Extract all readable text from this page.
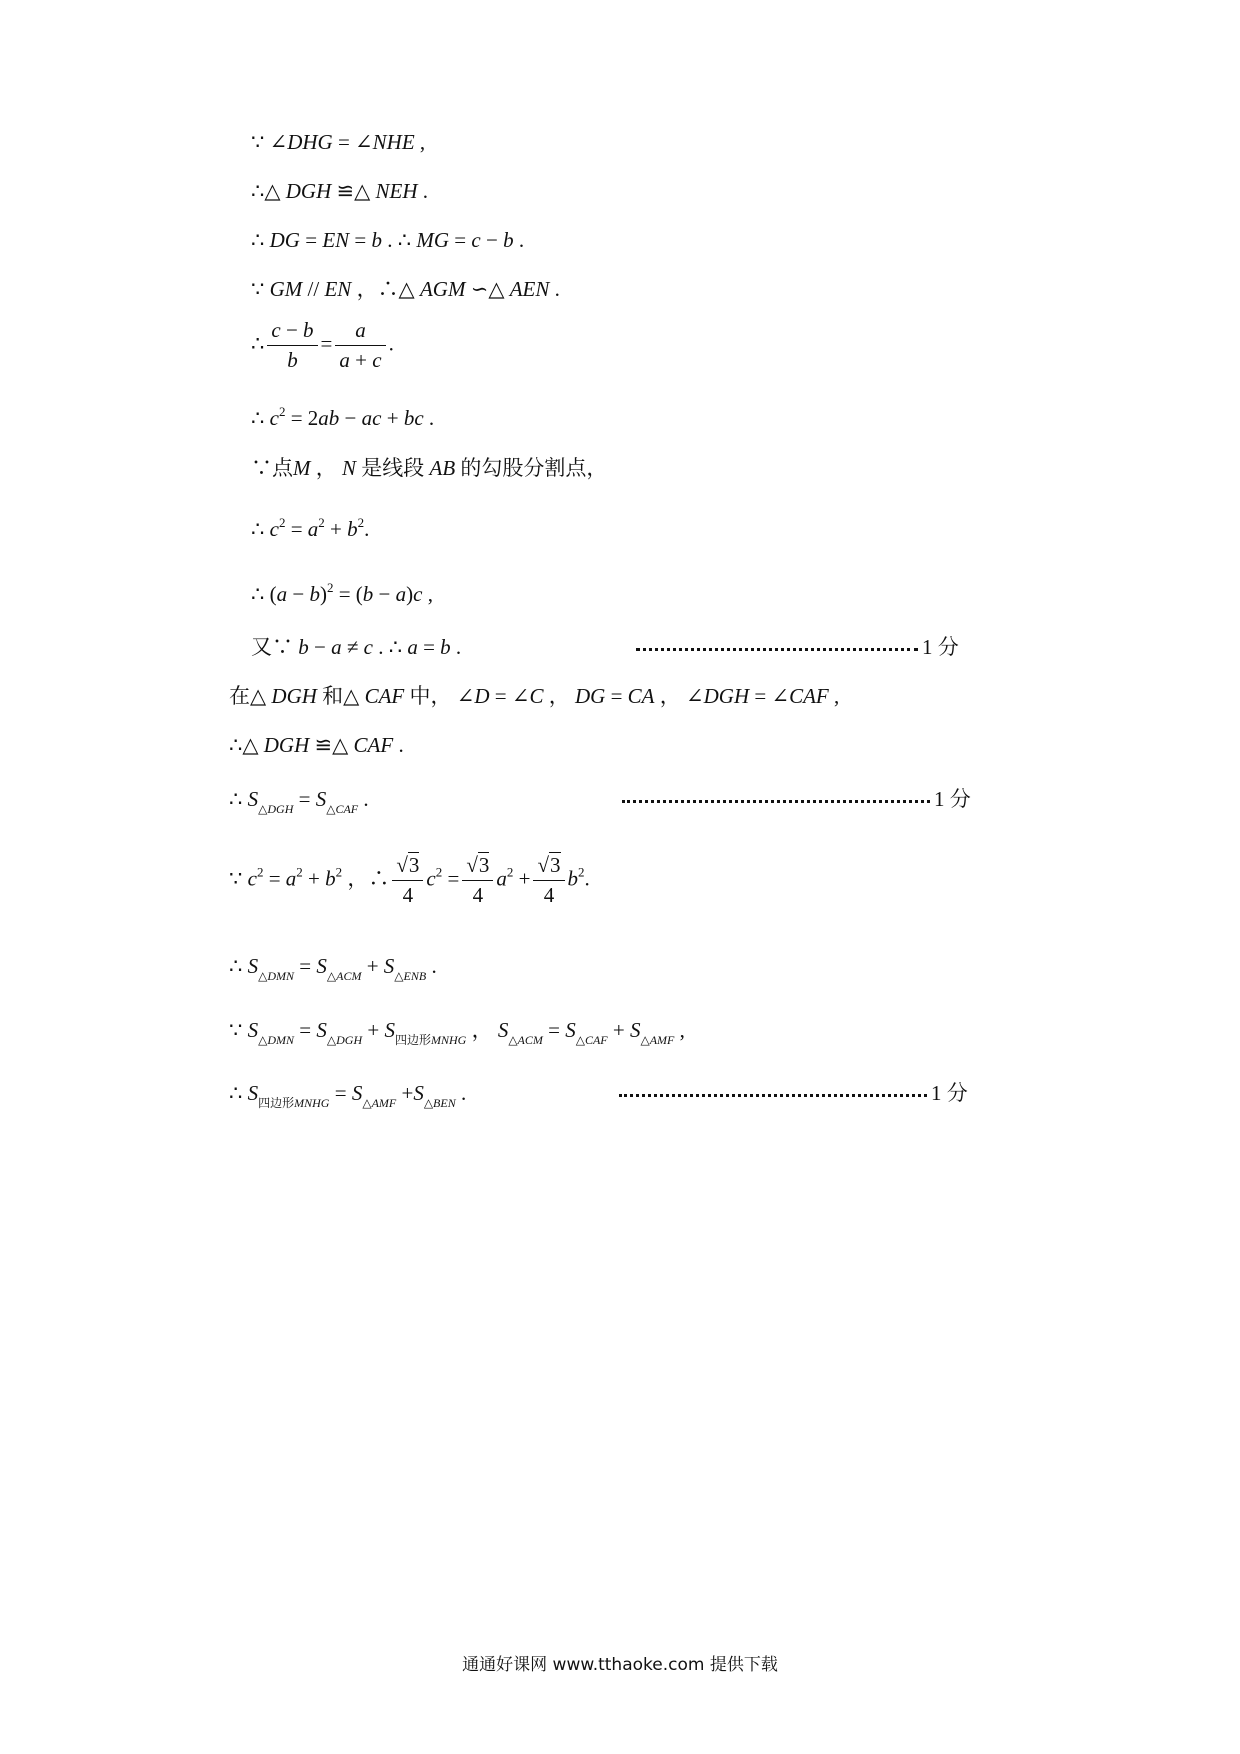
∵ ∠DHG = ∠NHE ,
∴△ DGH ≌△ NEH .
∴ DG = EN = b . ∴ MG = c − b .
∵ GM // EN ，∴△ AGM ∽△ AEN .
∴ $\frac{c - b}{b} = \frac{a}{a + c}$ .
∴ $c^2 = 2ab$ − ac + bc .
∵点M ， N 是线段 AB 的勾股分割点，
∴ $c^2 = a^2 + b^2$.
∴ $(a - b)^2 = (b - a)c$ ,
又∵ b − a ≠ c . ∴ a = b .	1 分
在△ DGH 和△ CAF 中， ∠D = ∠C ， DG = CA ， ∠DGH = ∠CAF ,
∴△ DGH ≌△ CAF .
∴ $S_{\triangle DGH} = S_{\triangle CAF}$ .	1 分
∵ $c^2 = a^2 + b^2$ ，∴ $\frac{√3}{4} c^2 = \frac{√3}{4} a^2 + \frac{√3}{4} b^2$.
∴ $S_{\triangle DMN} = S_{\triangle ACM} + S_{\triangle ENB}$ .
∵ $S_{\triangle DMN} = S_{\triangle DGH} + S_{四边形MNHG}$ ， $S_{\triangle ACM} = S_{\triangle CAF} + S_{\triangle AMF}$ ,
∴ $S_{四边形MNHG} = S_{\triangle AMF} +S_{\triangle BEN}$ .	1 分
通通好课网 www.tthaoke.com 提供下载
